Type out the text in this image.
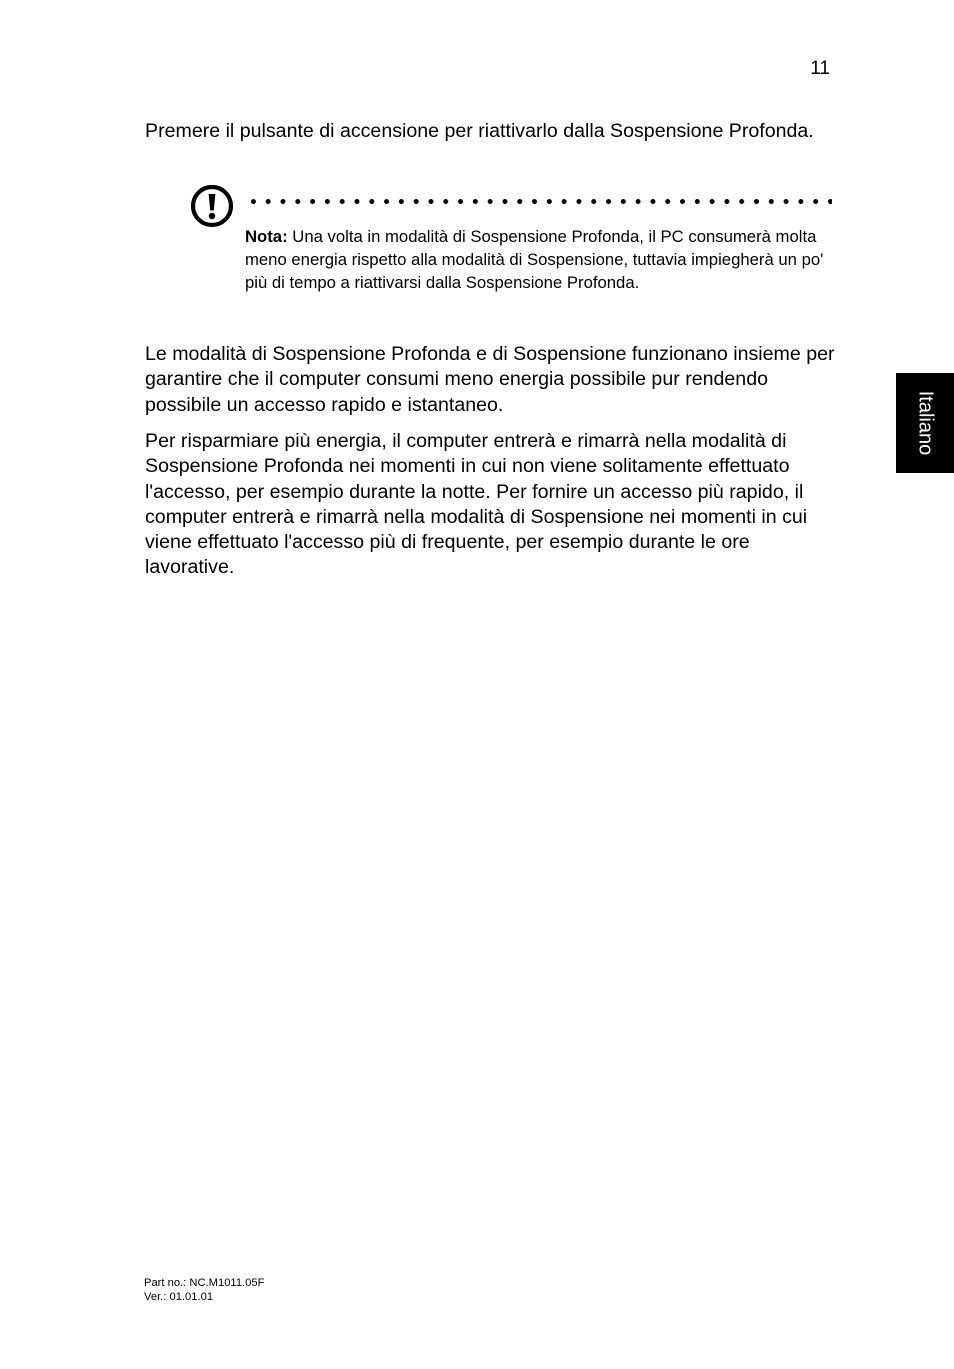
11

Premere il pulsante di accensione per riattivarlo dalla Sospensione Profonda.

Nota: Una volta in modalità di Sospensione Profonda, il PC consumerà molta meno energia rispetto alla modalità di Sospensione, tuttavia impiegherà un po' più di tempo a riattivarsi dalla Sospensione Profonda.

Le modalità di Sospensione Profonda e di Sospensione funzionano insieme per garantire che il computer consumi meno energia possibile pur rendendo possibile un accesso rapido e istantaneo.

Per risparmiare più energia, il computer entrerà e rimarrà nella modalità di Sospensione Profonda nei momenti in cui non viene solitamente effettuato l'accesso, per esempio durante la notte. Per fornire un accesso più rapido, il computer entrerà e rimarrà nella modalità di Sospensione nei momenti in cui viene effettuato l'accesso più di frequente, per esempio durante le ore lavorative.

Italiano
Part no.: NC.M1011.05F
Ver.: 01.01.01
